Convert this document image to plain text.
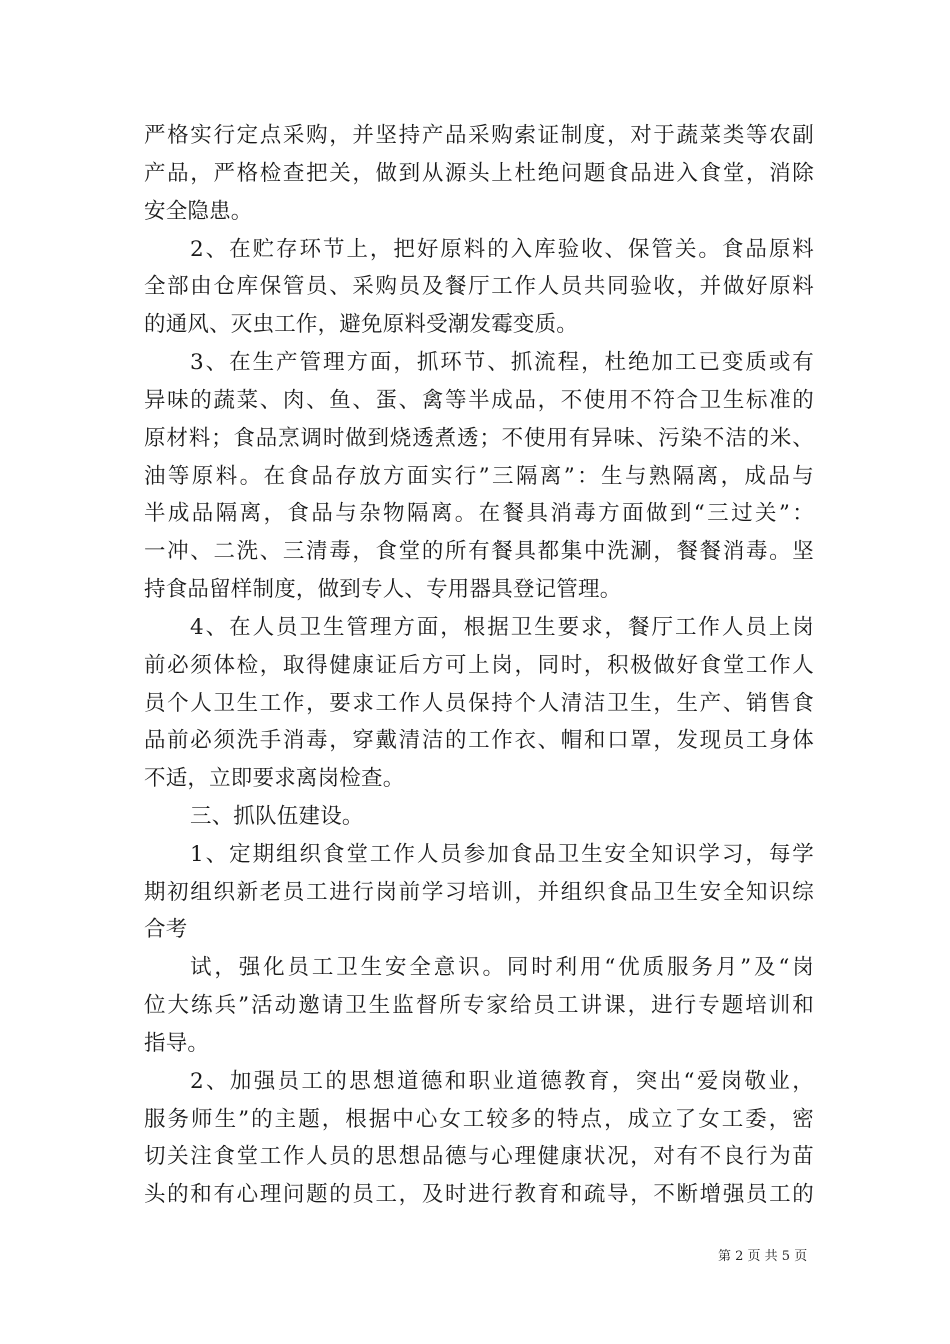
严格实行定点采购，并坚持产品采购索证制度，对于蔬菜类等农副
产品，严格检查把关，做到从源头上杜绝问题食品进入食堂，消除
安全隐患。
2、在贮存环节上，把好原料的入库验收、保管关。食品原料
全部由仓库保管员、采购员及餐厅工作人员共同验收，并做好原料
的通风、灭虫工作，避免原料受潮发霉变质。
3、在生产管理方面，抓环节、抓流程，杜绝加工已变质或有
异味的蔬菜、肉、鱼、蛋、禽等半成品，不使用不符合卫生标准的
原材料；食品烹调时做到烧透煮透；不使用有异味、污染不洁的米、
油等原料。在食品存放方面实行”三隔离”：生与熟隔离，成品与
半成品隔离，食品与杂物隔离。在餐具消毒方面做到“三过关”：
一冲、二洗、三清毒，食堂的所有餐具都集中洗涮，餐餐消毒。坚
持食品留样制度，做到专人、专用器具登记管理。
4、在人员卫生管理方面，根据卫生要求，餐厅工作人员上岗
前必须体检，取得健康证后方可上岗，同时，积极做好食堂工作人
员个人卫生工作，要求工作人员保持个人清洁卫生，生产、销售食
品前必须洗手消毒，穿戴清洁的工作衣、帽和口罩，发现员工身体
不适，立即要求离岗检查。
三、抓队伍建设。
1、定期组织食堂工作人员参加食品卫生安全知识学习，每学
期初组织新老员工进行岗前学习培训，并组织食品卫生安全知识综
合考
试，强化员工卫生安全意识。同时利用“优质服务月”及“岗
位大练兵”活动邀请卫生监督所专家给员工讲课，进行专题培训和
指导。
2、加强员工的思想道德和职业道德教育，突出“爱岗敬业，
服务师生”的主题，根据中心女工较多的特点，成立了女工委，密
切关注食堂工作人员的思想品德与心理健康状况，对有不良行为苗
头的和有心理问题的员工，及时进行教育和疏导，不断增强员工的
第 2 页 共 5 页
